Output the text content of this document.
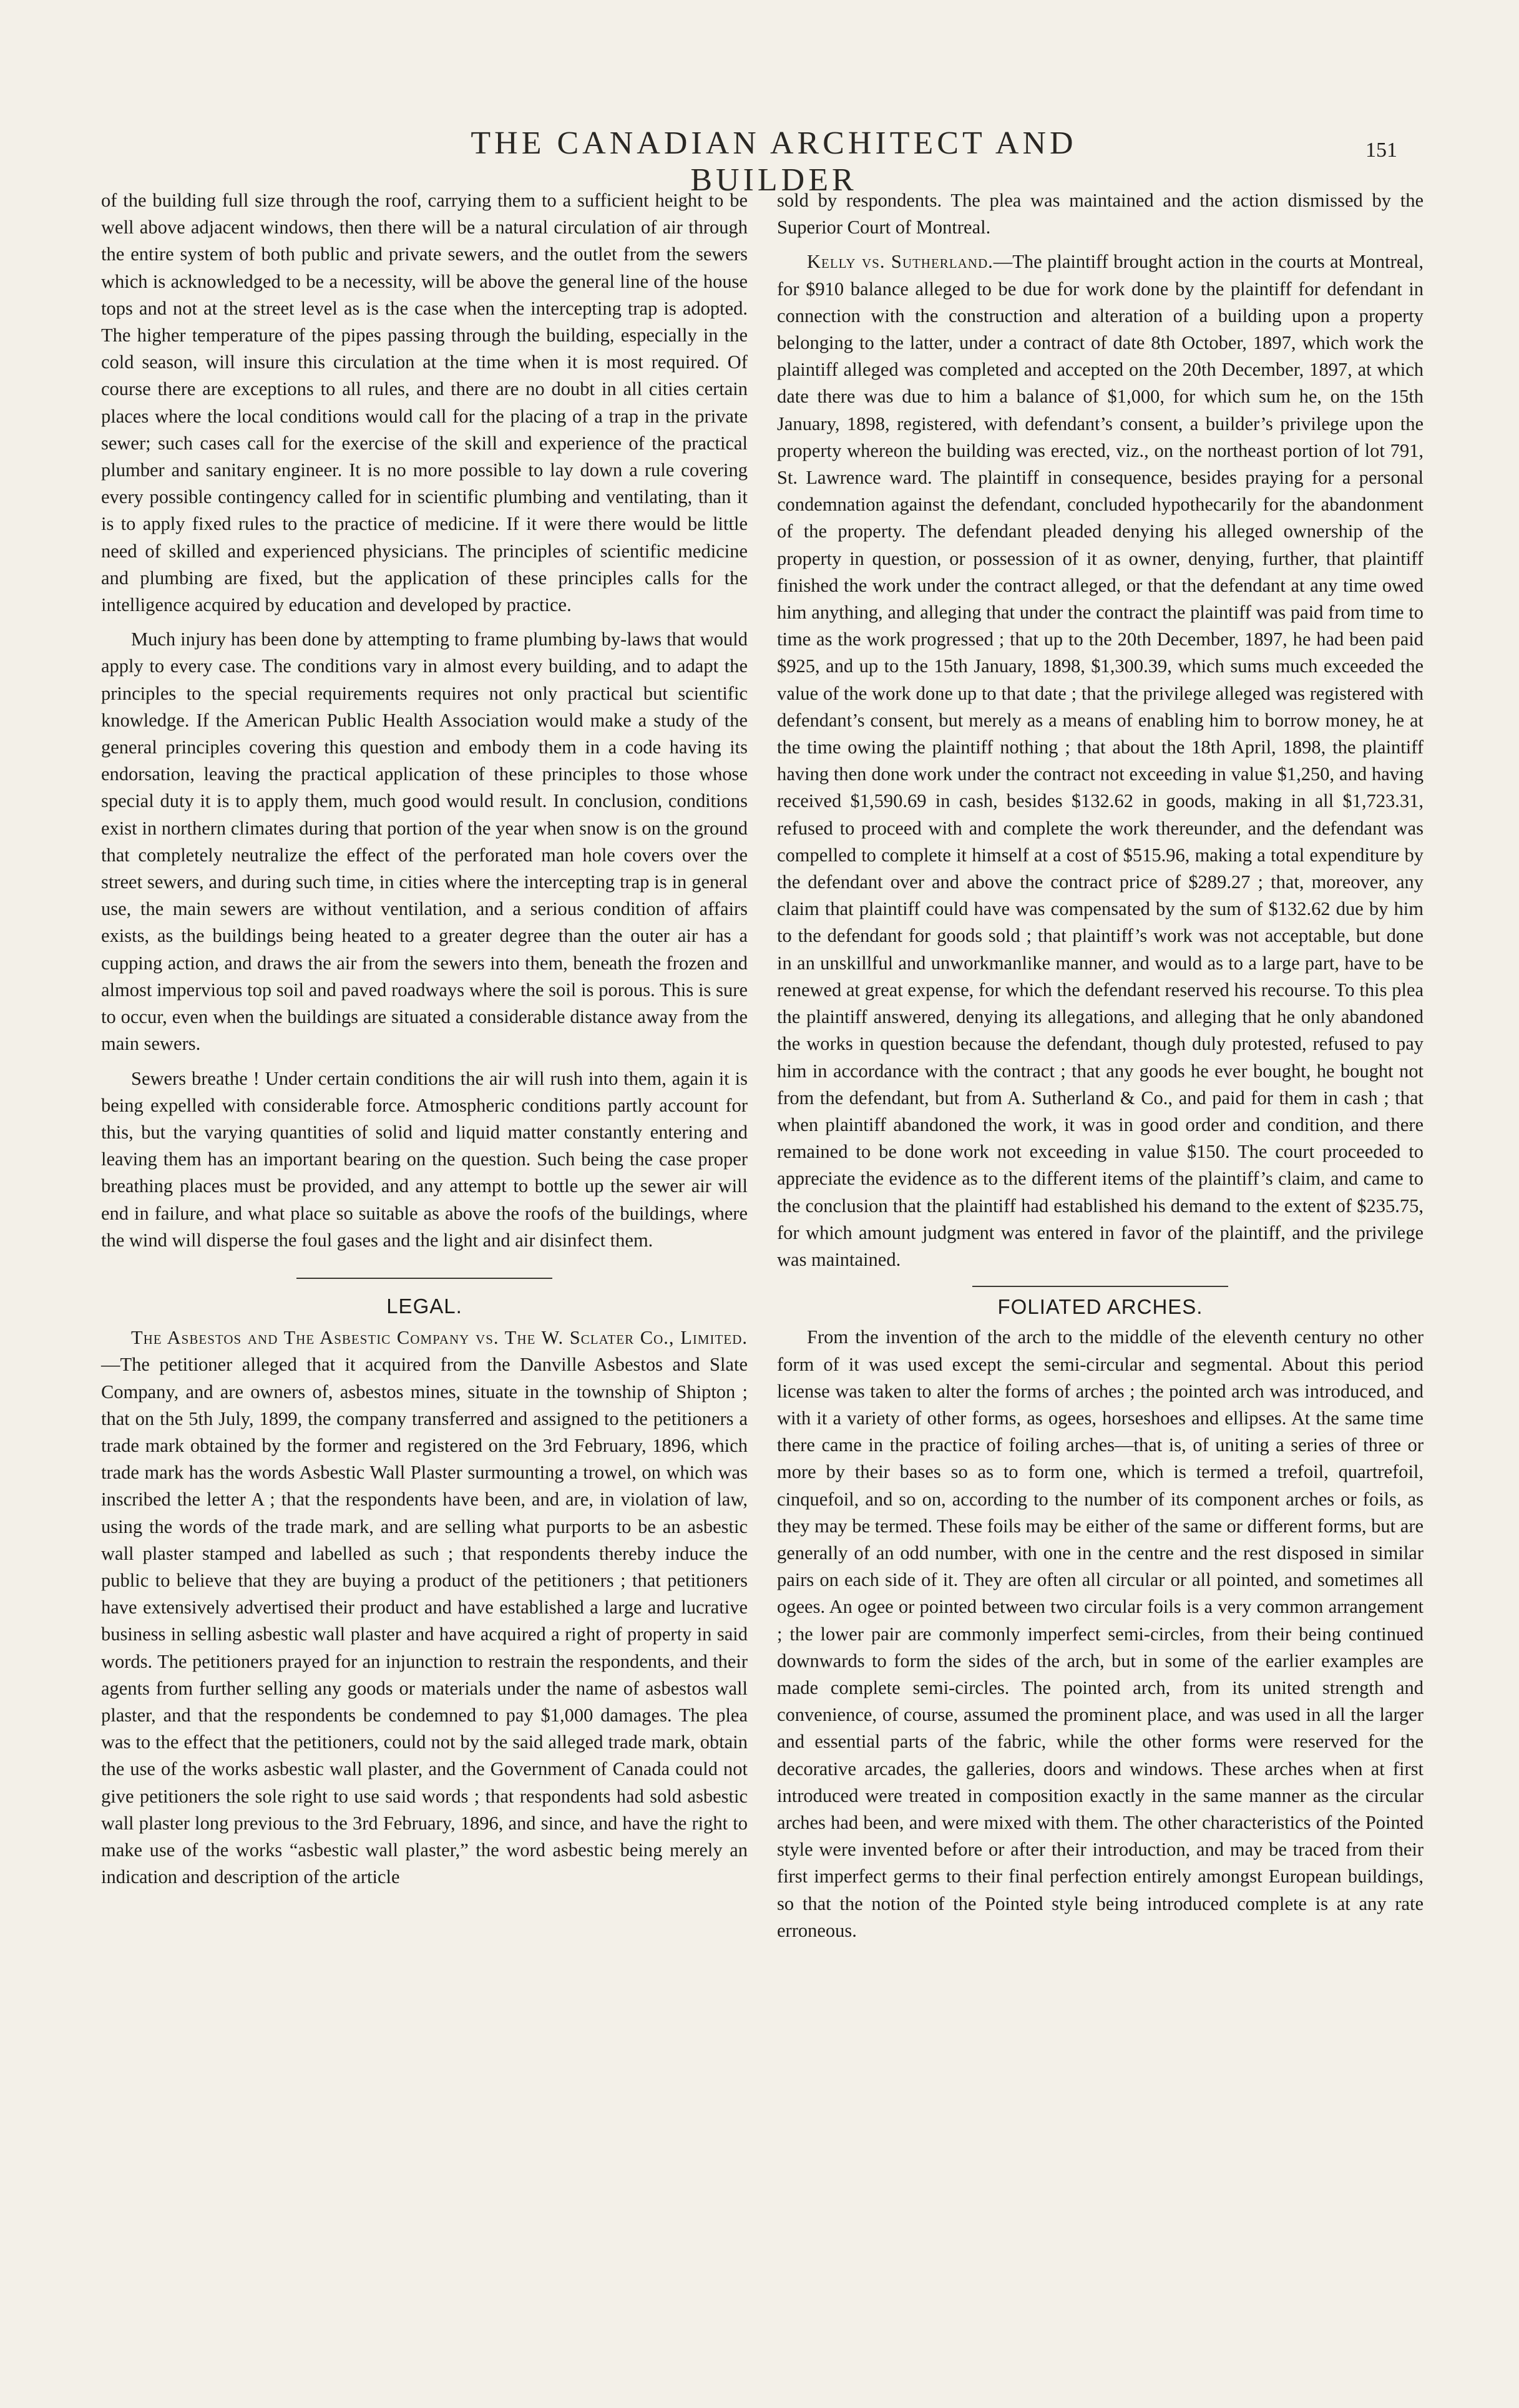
THE CANADIAN ARCHITECT AND BUILDER
151

of the building full size through the roof, carrying them to a sufficient height to be well above adjacent windows, then there will be a natural circulation of air through the entire system of both public and private sewers, and the outlet from the sewers which is acknowledged to be a necessity, will be above the general line of the house tops and not at the street level as is the case when the intercepting trap is adopted. The higher temperature of the pipes passing through the building, especially in the cold season, will insure this circulation at the time when it is most required. Of course there are exceptions to all rules, and there are no doubt in all cities certain places where the local conditions would call for the placing of a trap in the private sewer; such cases call for the exercise of the skill and experience of the practical plumber and sanitary engineer. It is no more possible to lay down a rule covering every possible contingency called for in scientific plumbing and ventilating, than it is to apply fixed rules to the practice of medicine. If it were there would be little need of skilled and experienced physicians. The principles of scientific medicine and plumbing are fixed, but the application of these principles calls for the intelligence acquired by education and developed by practice.

Much injury has been done by attempting to frame plumbing by-laws that would apply to every case. The conditions vary in almost every building, and to adapt the principles to the special requirements requires not only practical but scientific knowledge. If the American Public Health Association would make a study of the general principles covering this question and embody them in a code having its endorsation, leaving the practical application of these principles to those whose special duty it is to apply them, much good would result. In conclusion, conditions exist in northern climates during that portion of the year when snow is on the ground that completely neutralize the effect of the perforated man hole covers over the street sewers, and during such time, in cities where the intercepting trap is in general use, the main sewers are without ventilation, and a serious condition of affairs exists, as the buildings being heated to a greater degree than the outer air has a cupping action, and draws the air from the sewers into them, beneath the frozen and almost impervious top soil and paved roadways where the soil is porous. This is sure to occur, even when the buildings are situated a considerable distance away from the main sewers.

Sewers breathe ! Under certain conditions the air will rush into them, again it is being expelled with considerable force. Atmospheric conditions partly account for this, but the varying quantities of solid and liquid matter constantly entering and leaving them has an important bearing on the question. Such being the case proper breathing places must be provided, and any attempt to bottle up the sewer air will end in failure, and what place so suitable as above the roofs of the buildings, where the wind will disperse the foul gases and the light and air disinfect them.

LEGAL.

The Asbestos and The Asbestic Company vs. The W. Sclater Co., Limited.—The petitioner alleged that it acquired from the Danville Asbestos and Slate Company, and are owners of, asbestos mines, situate in the township of Shipton ; that on the 5th July, 1899, the company transferred and assigned to the petitioners a trade mark obtained by the former and registered on the 3rd February, 1896, which trade mark has the words Asbestic Wall Plaster surmounting a trowel, on which was inscribed the letter A ; that the respondents have been, and are, in violation of law, using the words of the trade mark, and are selling what purports to be an asbestic wall plaster stamped and labelled as such ; that respondents thereby induce the public to believe that they are buying a product of the petitioners ; that petitioners have extensively advertised their product and have established a large and lucrative business in selling asbestic wall plaster and have acquired a right of property in said words. The petitioners prayed for an injunction to restrain the respondents, and their agents from further selling any goods or materials under the name of asbestos wall plaster, and that the respondents be condemned to pay $1,000 damages. The plea was to the effect that the petitioners, could not by the said alleged trade mark, obtain the use of the works asbestic wall plaster, and the Government of Canada could not give petitioners the sole right to use said words ; that respondents had sold asbestic wall plaster long previous to the 3rd February, 1896, and since, and have the right to make use of the works “asbestic wall plaster,” the word asbestic being merely an indication and description of the article

sold by respondents. The plea was maintained and the action dismissed by the Superior Court of Montreal.

Kelly vs. Sutherland.—The plaintiff brought action in the courts at Montreal, for $910 balance alleged to be due for work done by the plaintiff for defendant in connection with the construction and alteration of a building upon a property belonging to the latter, under a contract of date 8th October, 1897, which work the plaintiff alleged was completed and accepted on the 20th December, 1897, at which date there was due to him a balance of $1,000, for which sum he, on the 15th January, 1898, registered, with defendant’s consent, a builder’s privilege upon the property whereon the building was erected, viz., on the northeast portion of lot 791, St. Lawrence ward. The plaintiff in consequence, besides praying for a personal condemnation against the defendant, concluded hypothecarily for the abandonment of the property. The defendant pleaded denying his alleged ownership of the property in question, or possession of it as owner, denying, further, that plaintiff finished the work under the contract alleged, or that the defendant at any time owed him anything, and alleging that under the contract the plaintiff was paid from time to time as the work progressed ; that up to the 20th December, 1897, he had been paid $925, and up to the 15th January, 1898, $1,300.39, which sums much exceeded the value of the work done up to that date ; that the privilege alleged was registered with defendant’s consent, but merely as a means of enabling him to borrow money, he at the time owing the plaintiff nothing ; that about the 18th April, 1898, the plaintiff having then done work under the contract not exceeding in value $1,250, and having received $1,590.69 in cash, besides $132.62 in goods, making in all $1,723.31, refused to proceed with and complete the work thereunder, and the defendant was compelled to complete it himself at a cost of $515.96, making a total expenditure by the defendant over and above the contract price of $289.27 ; that, moreover, any claim that plaintiff could have was compensated by the sum of $132.62 due by him to the defendant for goods sold ; that plaintiff’s work was not acceptable, but done in an unskillful and unworkmanlike manner, and would as to a large part, have to be renewed at great expense, for which the defendant reserved his recourse. To this plea the plaintiff answered, denying its allegations, and alleging that he only abandoned the works in question because the defendant, though duly protested, refused to pay him in accordance with the contract ; that any goods he ever bought, he bought not from the defendant, but from A. Sutherland & Co., and paid for them in cash ; that when plaintiff abandoned the work, it was in good order and condition, and there remained to be done work not exceeding in value $150. The court proceeded to appreciate the evidence as to the different items of the plaintiff’s claim, and came to the conclusion that the plaintiff had established his demand to the extent of $235.75, for which amount judgment was entered in favor of the plaintiff, and the privilege was maintained.

FOLIATED ARCHES.

From the invention of the arch to the middle of the eleventh century no other form of it was used except the semi-circular and segmental. About this period license was taken to alter the forms of arches ; the pointed arch was introduced, and with it a variety of other forms, as ogees, horseshoes and ellipses. At the same time there came in the practice of foiling arches—that is, of uniting a series of three or more by their bases so as to form one, which is termed a trefoil, quartrefoil, cinquefoil, and so on, according to the number of its component arches or foils, as they may be termed. These foils may be either of the same or different forms, but are generally of an odd number, with one in the centre and the rest disposed in similar pairs on each side of it. They are often all circular or all pointed, and sometimes all ogees. An ogee or pointed between two circular foils is a very common arrangement ; the lower pair are commonly imperfect semi-circles, from their being continued downwards to form the sides of the arch, but in some of the earlier examples are made complete semi-circles. The pointed arch, from its united strength and convenience, of course, assumed the prominent place, and was used in all the larger and essential parts of the fabric, while the other forms were reserved for the decorative arcades, the galleries, doors and windows. These arches when at first introduced were treated in composition exactly in the same manner as the circular arches had been, and were mixed with them. The other characteristics of the Pointed style were invented before or after their introduction, and may be traced from their first imperfect germs to their final perfection entirely amongst European buildings, so that the notion of the Pointed style being introduced complete is at any rate erroneous.
